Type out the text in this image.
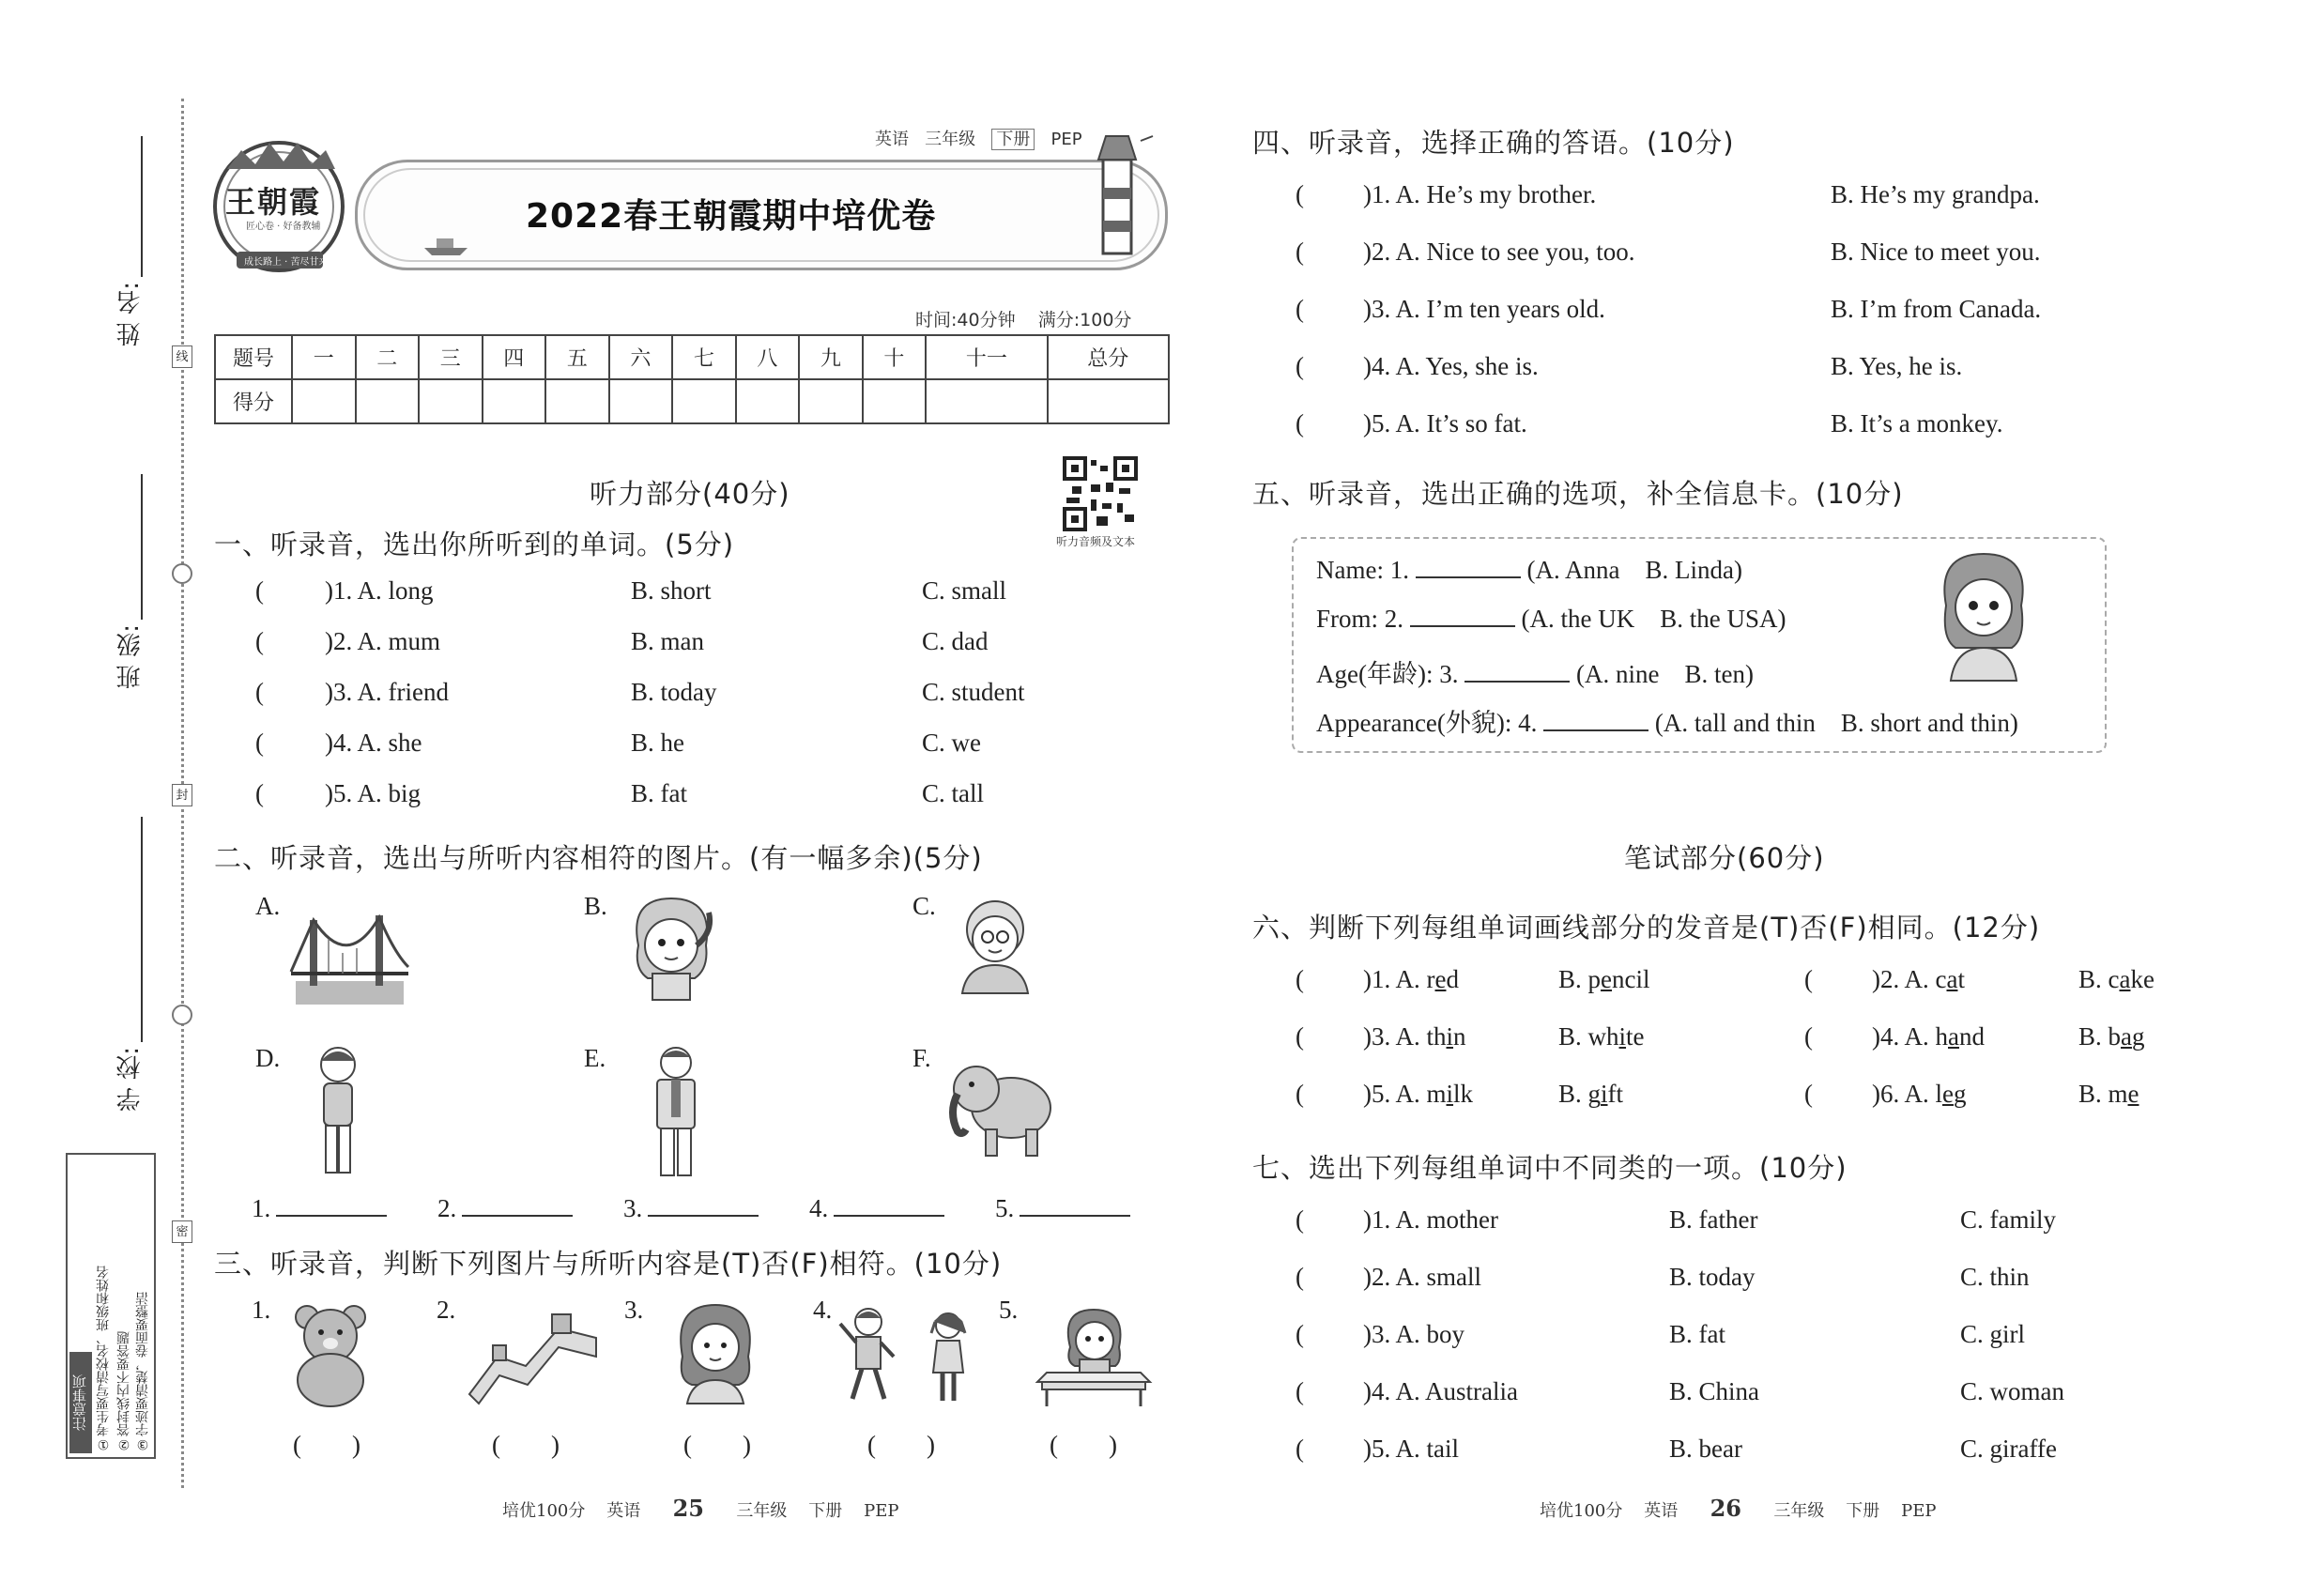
姓 名:
班 级:
学 校:
线
封
密
注意事项 ①考生要写清校名、班级和姓名 ②答封线内不要答题 ③字迹要清楚，卷面要整洁
王朝霞
匠心卷 · 好备教辅
成长路上 · 苦尽甘来
2022春王朝霞期中培优卷
英语 三年级 下册 PEP
时间:40分钟 满分:100分
题号	一	二	三	四	五	六	七	八	九	十	十一	总分
得分												
听力部分(40分)
听力音频及文本
一、听录音，选出你所听到的单词。(5分)
( )1. A. long	B. short	C. small
( )2. A. mum	B. man	C. dad
( )3. A. friend	B. today	C. student
( )4. A. she	B. he	C. we
( )5. A. big	B. fat	C. tall
二、听录音，选出与所听内容相符的图片。(有一幅多余)(5分)
A.	B.	C.
D.	E.	F.
1.	2.	3.	4.	5.
三、听录音，判断下列图片与所听内容是(T)否(F)相符。(10分)
1.	2.	3.	4.	5.
(        )	(        )	(        )	(        )	(        )
培优100分 英语 25 三年级 下册 PEP
四、听录音，选择正确的答语。(10分)
( )1. A. He’s my brother.	B. He’s my grandpa.
( )2. A. Nice to see you, too.	B. Nice to meet you.
( )3. A. I’m ten years old.	B. I’m from Canada.
( )4. A. Yes, she is.	B. Yes, he is.
( )5. A. It’s so fat.	B. It’s a monkey.
五、听录音，选出正确的选项，补全信息卡。(10分)
Name: 1.	(A. Anna    B. Linda)
From: 2.	(A. the UK    B. the USA)
Age(年龄): 3.	(A. nine    B. ten)
Appearance(外貌): 4.	(A. tall and thin    B. short and thin)
笔试部分(60分)
六、判断下列每组单词画线部分的发音是(T)否(F)相同。(12分)
( )1. A. red	B. pencil	( )2. A. cat	B. cake
( )3. A. thin	B. white	( )4. A. hand	B. bag
( )5. A. milk	B. gift	( )6. A. leg	B. me
七、选出下列每组单词中不同类的一项。(10分)
( )1. A. mother	B. father	C. family
( )2. A. small	B. today	C. thin
( )3. A. boy	B. fat	C. girl
( )4. A. Australia	B. China	C. woman
( )5. A. tail	B. bear	C. giraffe
培优100分 英语 26 三年级 下册 PEP
